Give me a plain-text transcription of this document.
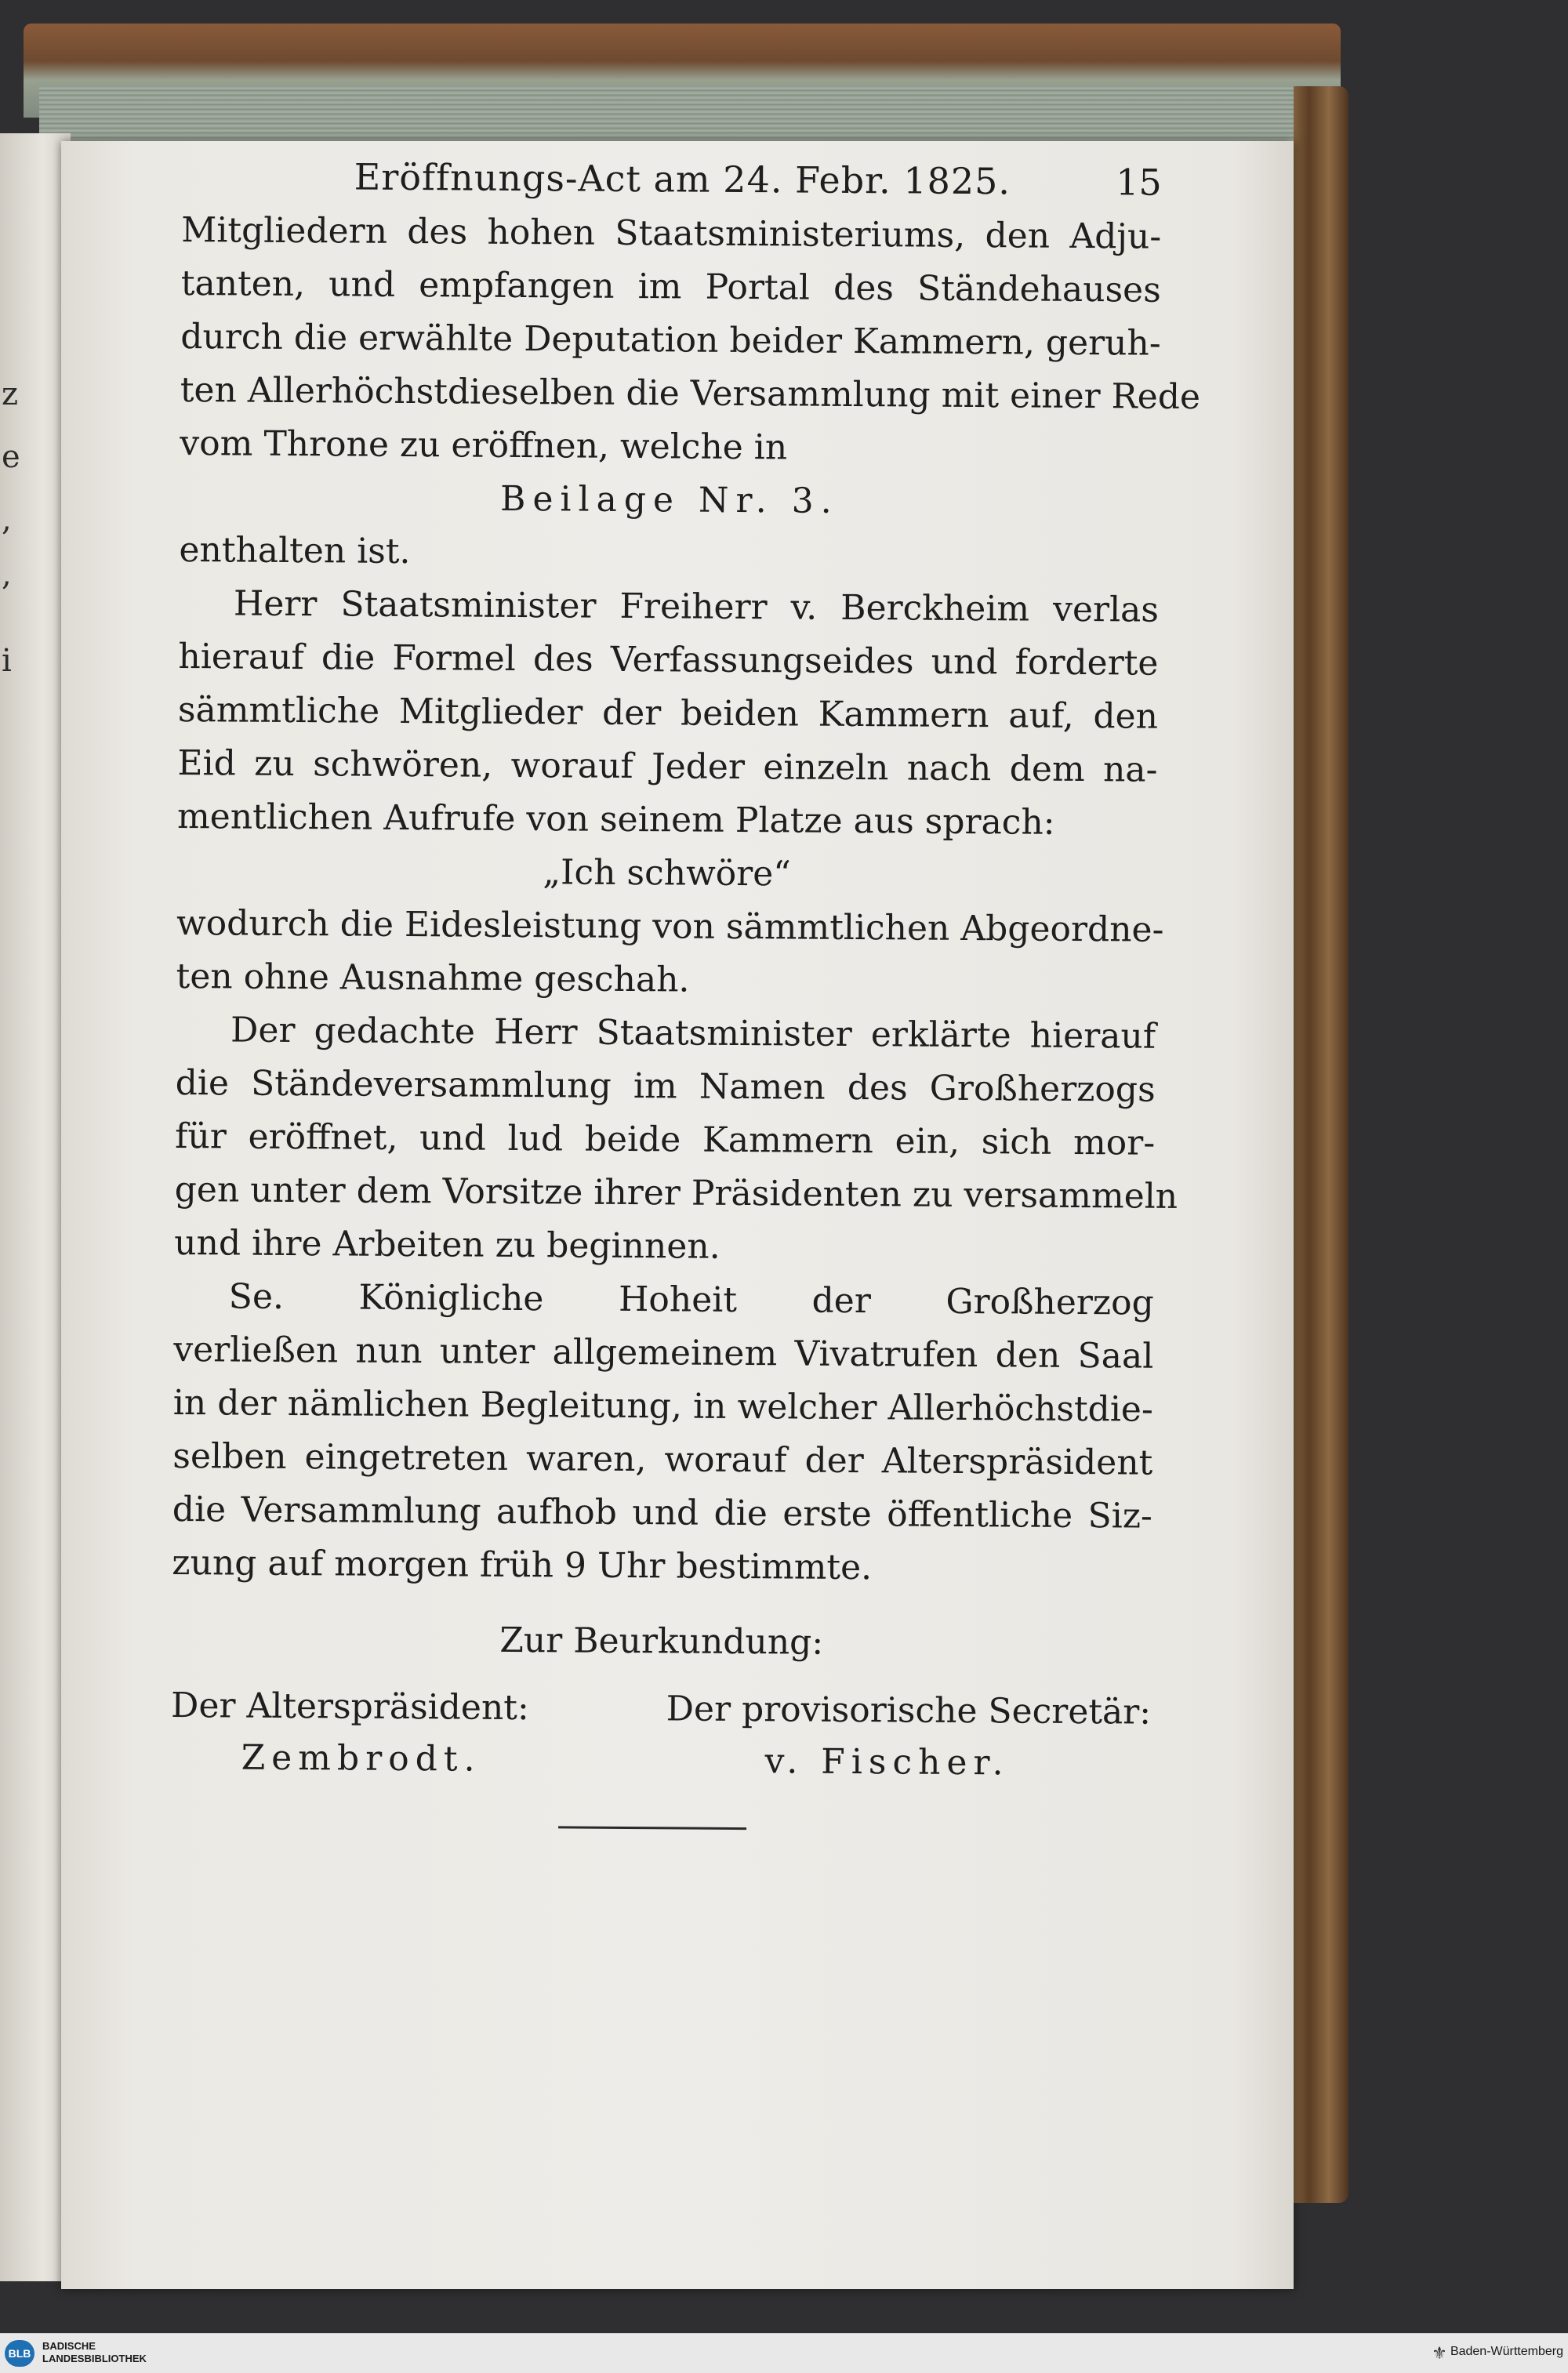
z
e
,
,
i
Eröffnungs-Act am 24. Febr. 1825.	15
Mitgliedern des hohen Staatsministeriums, den Adju-
tanten, und empfangen im Portal des Ständehauses
durch die erwählte Deputation beider Kammern, geruh-
ten Allerhöchstdieselben die Versammlung mit einer Rede
vom Throne zu eröffnen, welche in
Beilage Nr. 3.
enthalten ist.
Herr Staatsminister Freiherr v. Berckheim verlas
hierauf die Formel des Verfassungseides und forderte
sämmtliche Mitglieder der beiden Kammern auf, den
Eid zu schwören, worauf Jeder einzeln nach dem na-
mentlichen Aufrufe von seinem Platze aus sprach:
„Ich schwöre“
wodurch die Eidesleistung von sämmtlichen Abgeordne-
ten ohne Ausnahme geschah.
Der gedachte Herr Staatsminister erklärte hierauf
die Ständeversammlung im Namen des Großherzogs
für eröffnet, und lud beide Kammern ein, sich mor-
gen unter dem Vorsitze ihrer Präsidenten zu versammeln
und ihre Arbeiten zu beginnen.
Se. Königliche Hoheit der Großherzog
verließen nun unter allgemeinem Vivatrufen den Saal
in der nämlichen Begleitung, in welcher Allerhöchstdie-
selben eingetreten waren, worauf der Alterspräsident
die Versammlung aufhob und die erste öffentliche Siz-
zung auf morgen früh 9 Uhr bestimmte.
Zur Beurkundung:
Der Alterspräsident:
Zembrodt.
Der provisorische Secretär:
v. Fischer.
BLB
BADISCHE
LANDESBIBLIOTHEK	⚜ Baden-Württemberg
